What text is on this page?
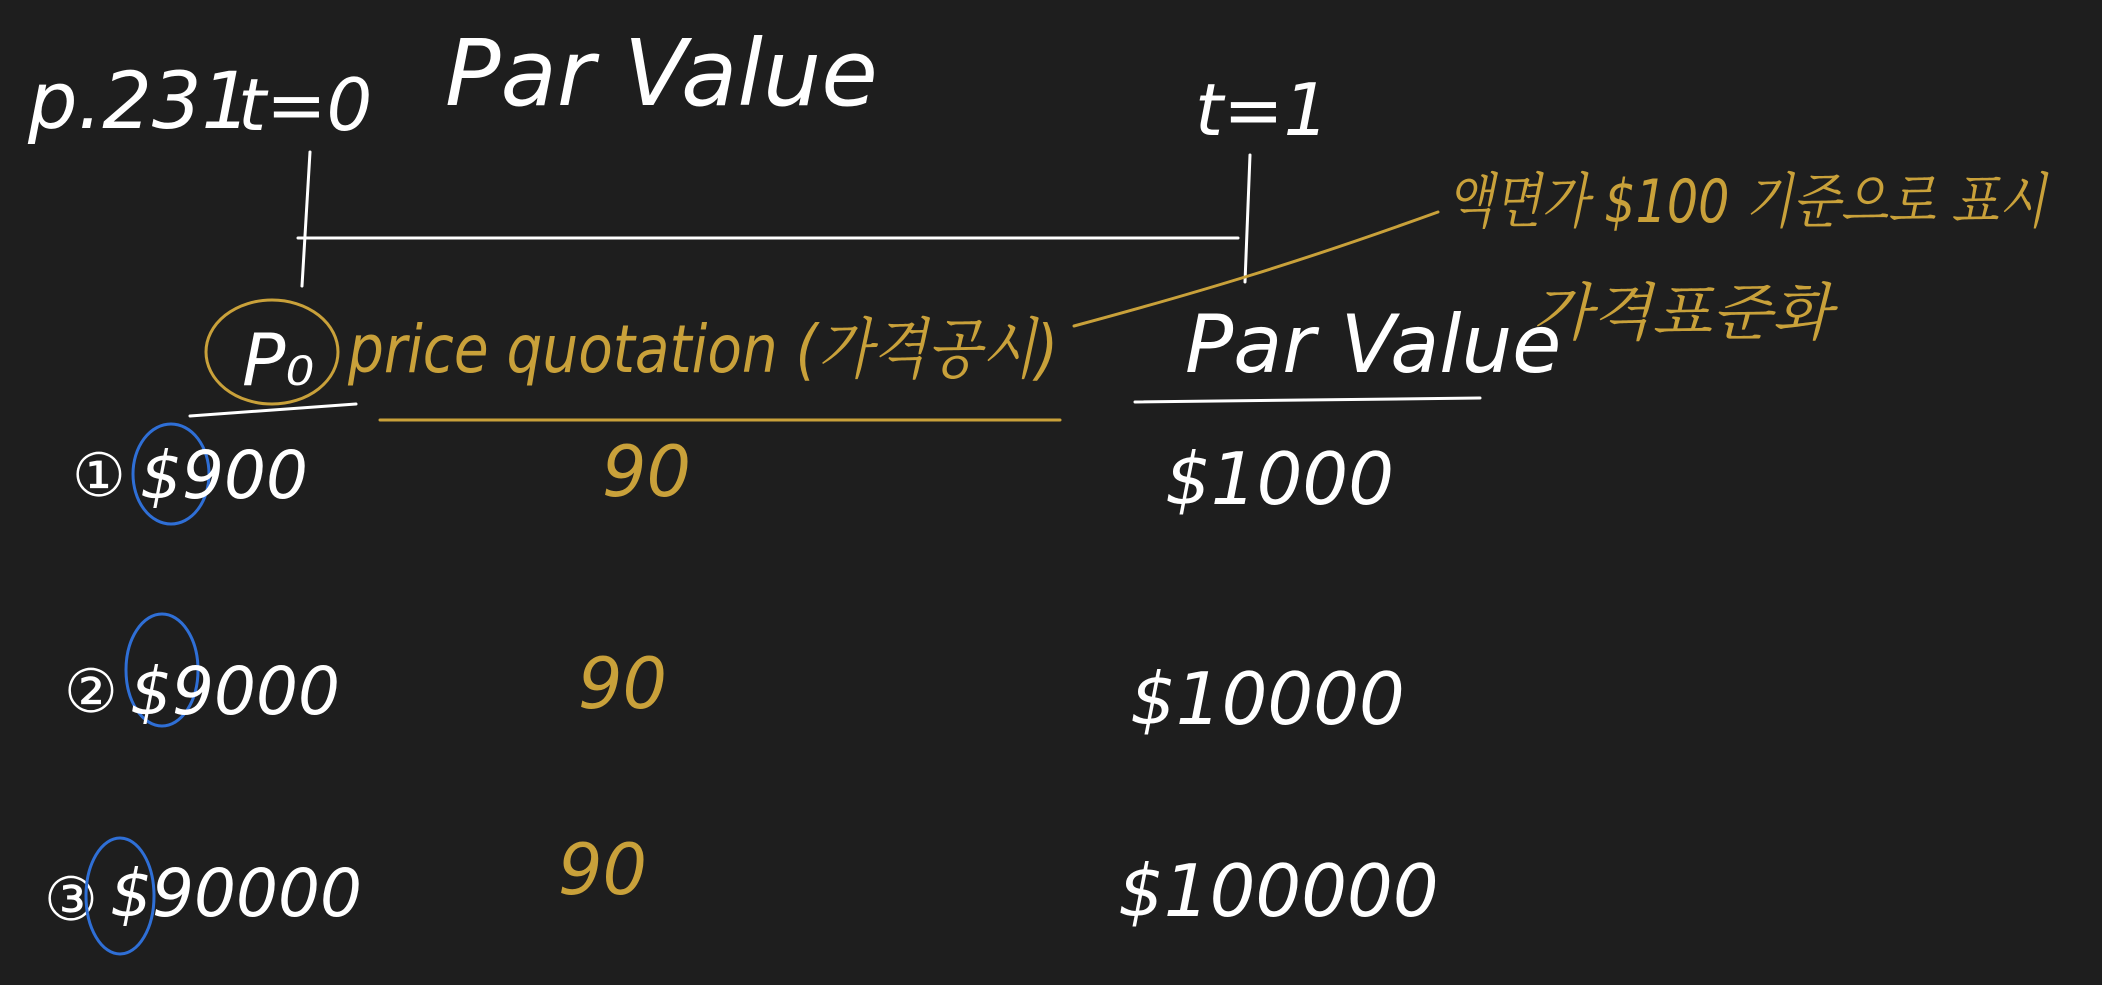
p.231
t=0 Par Value	t=1
P₀ price quotation (가격공시) Par Value
액면가 $100 기준으로 표시
가격표준화
① $900	90	$1000
② $9000	90	$10000
③ $90000	90	$100000
